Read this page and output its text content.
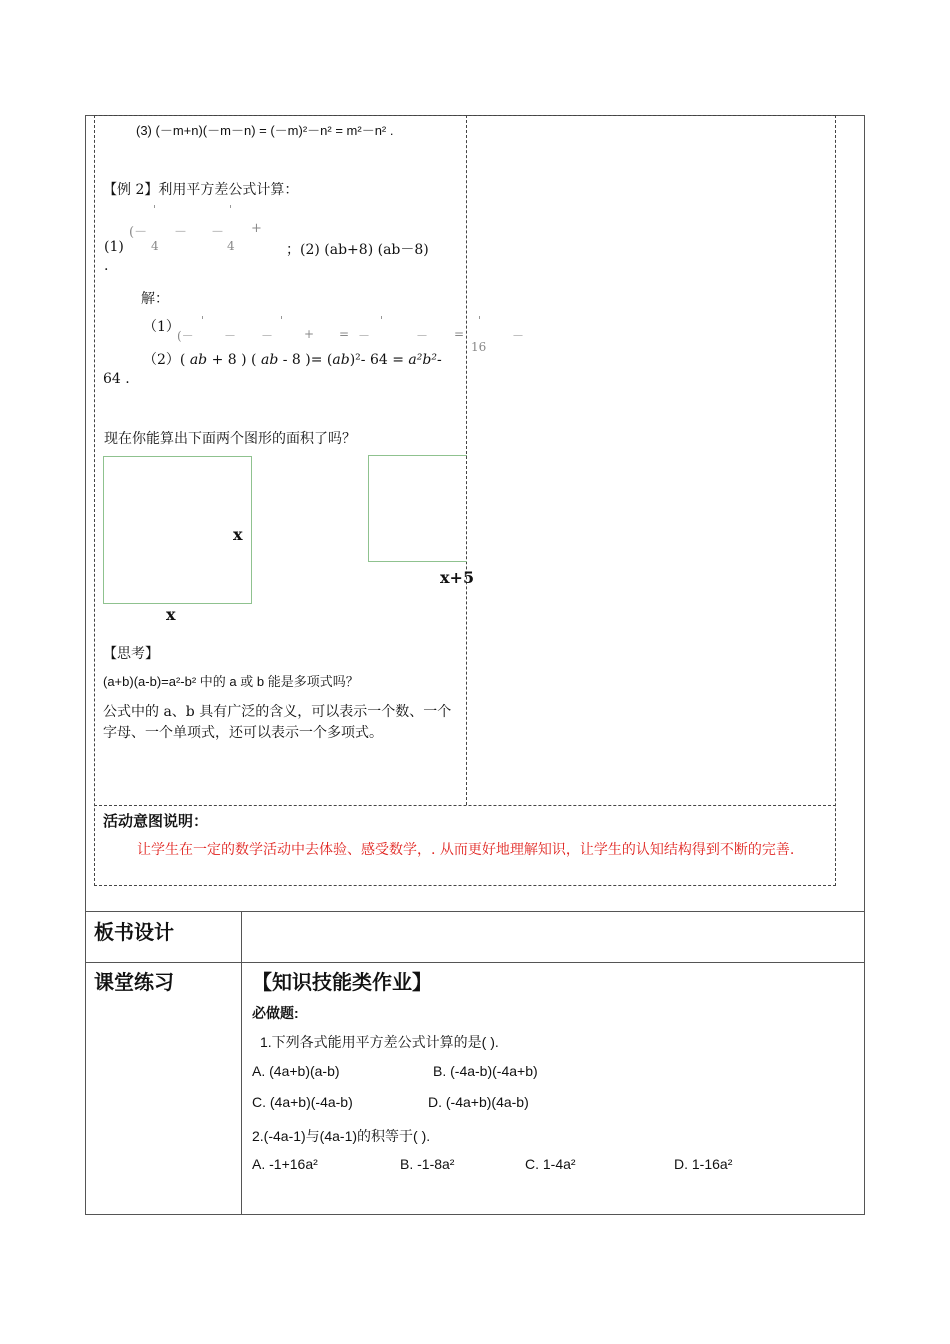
(3) (－m+n)(－m－n) = (－m)²－n² = m²－n² .
【例 2】利用平方差公式计算：
'	'
(－ － － +
4	4
(1)	；(2) (ab+8) (ab－8)
.
解：
（1） '	'	'	'
(－	－ －	+ = －	－ =	－
16
（2）( ab + 8 ) ( ab - 8 )= (ab)²- 64 = a²b²-
64 .
现在你能算出下面两个图形的面积了吗？
x
x
x+5
【思考】
(a+b)(a-b)=a²-b² 中的 a 或 b 能是多项式吗？
公式中的 a、b 具有广泛的含义，可以表示一个数、一个字母、一个单项式，还可以表示一个多项式。
活动意图说明：
让学生在一定的数学活动中去体验、感受数学，. 从而更好地理解知识，让学生的认知结构得到不断的完善.
板书设计
课堂练习	【知识技能类作业】
必做题:
1.下列各式能用平方差公式计算的是( ).
A. (4a+b)(a-b)	B. (-4a-b)(-4a+b)
C. (4a+b)(-4a-b)	D. (-4a+b)(4a-b)
2.(-4a-1)与(4a-1)的积等于( ).
A. -1+16a²	B. -1-8a²	C. 1-4a²	D. 1-16a²
